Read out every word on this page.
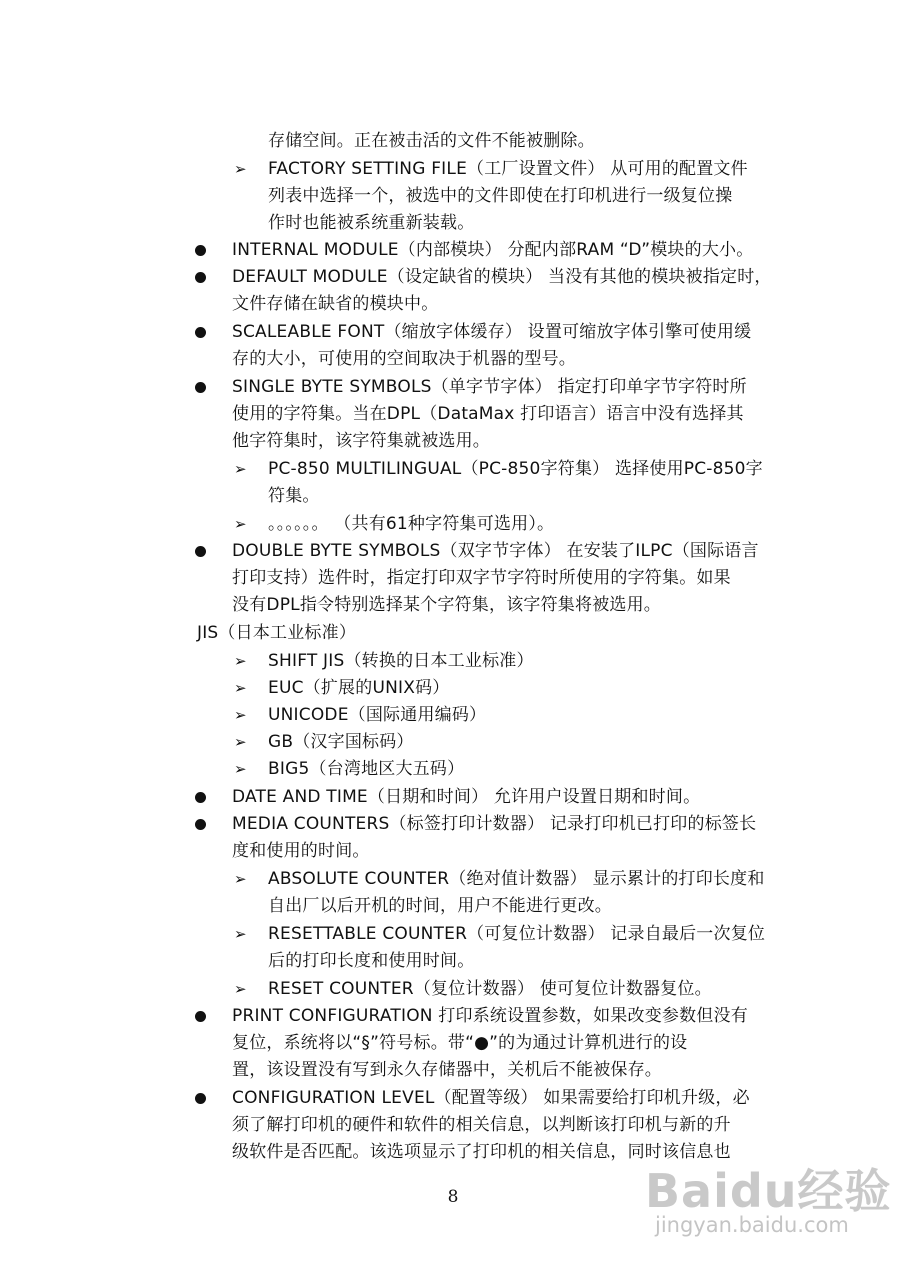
存储空间。正在被击活的文件不能被删除。
➢ FACTORY SETTING FILE（工厂设置文件） 从可用的配置文件
列表中选择一个，被选中的文件即使在打印机进行一级复位操
作时也能被系统重新装载。
INTERNAL MODULE（内部模块） 分配内部RAM “D”模块的大小。
DEFAULT MODULE（设定缺省的模块） 当没有其他的模块被指定时，
文件存储在缺省的模块中。
SCALEABLE FONT（缩放字体缓存） 设置可缩放字体引擎可使用缓
存的大小，可使用的空间取决于机器的型号。
SINGLE BYTE SYMBOLS（单字节字体） 指定打印单字节字符时所
使用的字符集。当在DPL（DataMax 打印语言）语言中没有选择其
他字符集时，该字符集就被选用。
➢ PC-850 MULTILINGUAL（PC-850字符集） 选择使用PC-850字
符集。
➢ 。。。。。。 （共有61种字符集可选用）。
DOUBLE BYTE SYMBOLS（双字节字体） 在安装了ILPC（国际语言
打印支持）选件时，指定打印双字节字符时所使用的字符集。如果
没有DPL指令特别选择某个字符集，该字符集将被选用。
JIS（日本工业标准）
➢ SHIFT JIS（转换的日本工业标准）
➢ EUC（扩展的UNIX码）
➢ UNICODE（国际通用编码）
➢ GB（汉字国标码）
➢ BIG5（台湾地区大五码）
DATE AND TIME（日期和时间） 允许用户设置日期和时间。
MEDIA COUNTERS（标签打印计数器） 记录打印机已打印的标签长
度和使用的时间。
➢ ABSOLUTE COUNTER（绝对值计数器） 显示累计的打印长度和
自出厂以后开机的时间，用户不能进行更改。
➢ RESETTABLE COUNTER（可复位计数器） 记录自最后一次复位
后的打印长度和使用时间。
➢ RESET COUNTER（复位计数器） 使可复位计数器复位。
PRINT CONFIGURATION 打印系统设置参数，如果改变参数但没有
复位，系统将以“§”符号标。带“●”的为通过计算机进行的设
置，该设置没有写到永久存储器中，关机后不能被保存。
CONFIGURATION LEVEL（配置等级） 如果需要给打印机升级，必
须了解打印机的硬件和软件的相关信息，以判断该打印机与新的升
级软件是否匹配。该选项显示了打印机的相关信息，同时该信息也
8	Baidu经验
jingyan.baidu.com
